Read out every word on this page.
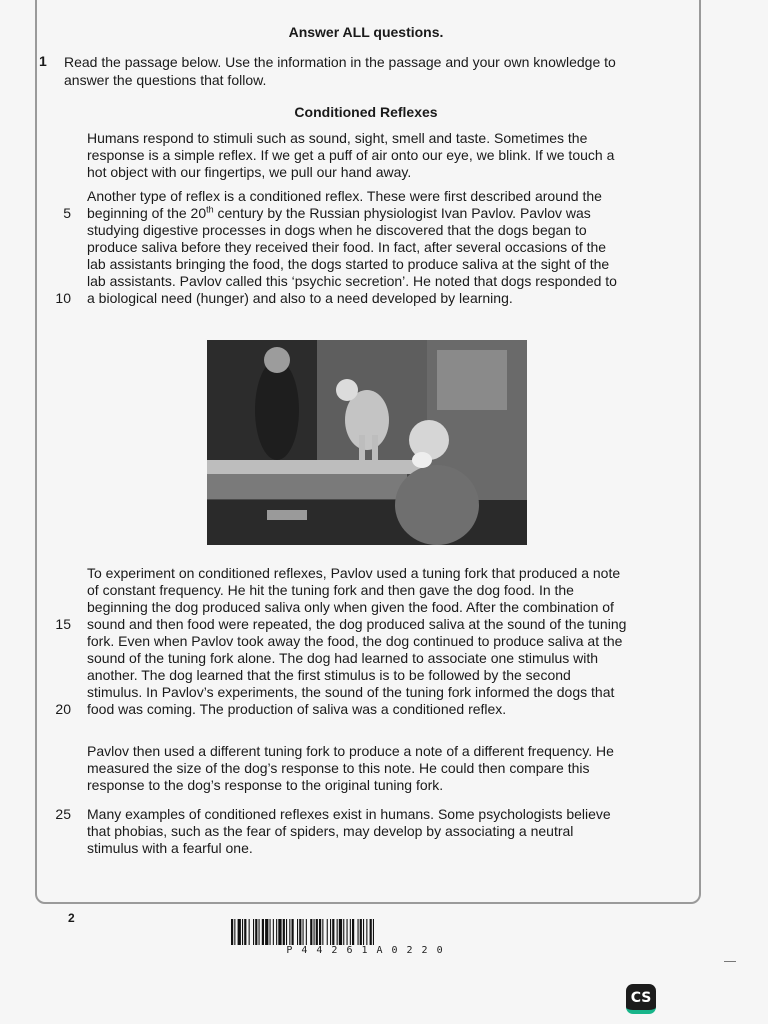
Answer ALL questions.
1 Read the passage below. Use the information in the passage and your own knowledge to answer the questions that follow.
Conditioned Reflexes

Humans respond to stimuli such as sound, sight, smell and taste. Sometimes the response is a simple reflex. If we get a puff of air onto our eye, we blink. If we touch a hot object with our fingertips, we pull our hand away.

Another type of reflex is a conditioned reflex. These were first described around the beginning of the 20th century by the Russian physiologist Ivan Pavlov. Pavlov was studying digestive processes in dogs when he discovered that the dogs began to produce saliva before they received their food. In fact, after several occasions of the lab assistants bringing the food, the dogs started to produce saliva at the sight of the lab assistants. Pavlov called this ‘psychic secretion’. He noted that dogs responded to a biological need (hunger) and also to a need developed by learning.

5
10

To experiment on conditioned reflexes, Pavlov used a tuning fork that produced a note of constant frequency. He hit the tuning fork and then gave the dog food. In the beginning the dog produced saliva only when given the food. After the combination of sound and then food were repeated, the dog produced saliva at the sound of the tuning fork. Even when Pavlov took away the food, the dog continued to produce saliva at the sound of the tuning fork alone. The dog had learned to associate one stimulus with another. The dog learned that the first stimulus is to be followed by the second stimulus. In Pavlov’s experiments, the sound of the tuning fork informed the dogs that food was coming. The production of saliva was a conditioned reflex.

15
20

Pavlov then used a different tuning fork to produce a note of a different frequency. He measured the size of the dog’s response to this note. He could then compare this response to the dog’s response to the original tuning fork.

Many examples of conditioned reflexes exist in humans. Some psychologists believe that phobias, such as the fear of spiders, may develop by associating a neutral stimulus with a fearful one.

25
2
P44261A0220
CS
